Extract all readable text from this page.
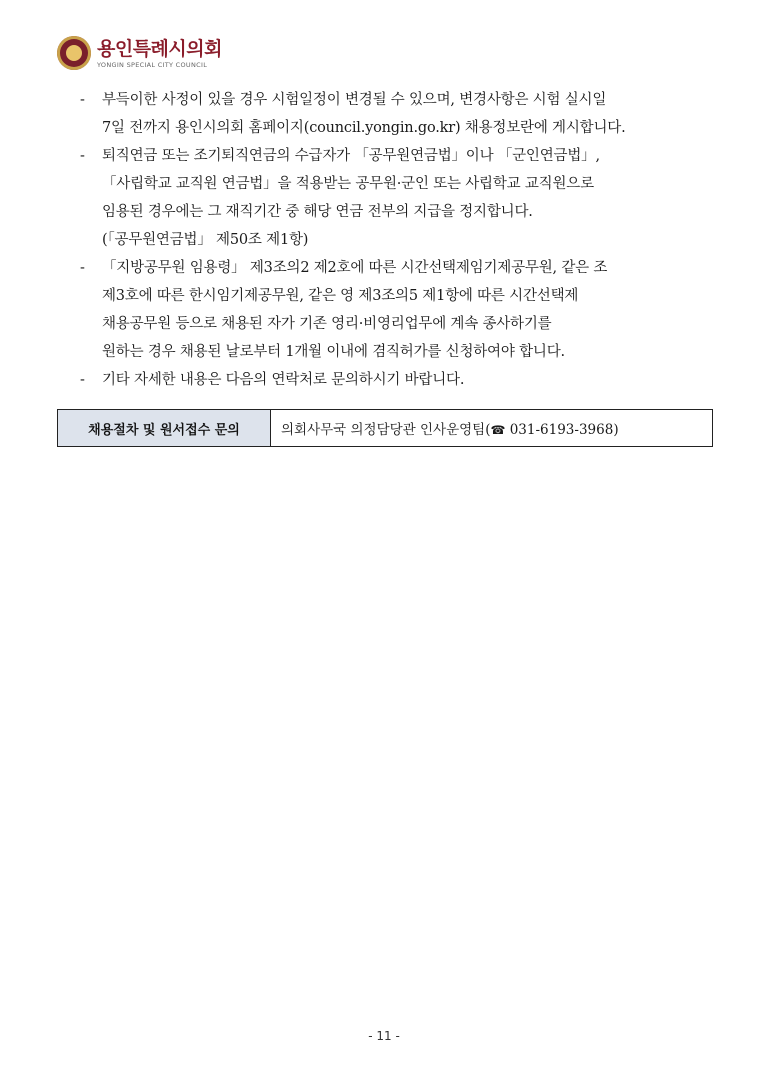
용인특례시의회
YONGIN SPECIAL CITY COUNCIL
-	부득이한 사정이 있을 경우 시험일정이 변경될 수 있으며, 변경사항은 시험 실시일
7일 전까지 용인시의회 홈페이지(council.yongin.go.kr) 채용정보란에 게시합니다.
-	퇴직연금 또는 조기퇴직연금의 수급자가 「공무원연금법」이나 「군인연금법」,
「사립학교 교직원 연금법」을 적용받는 공무원·군인 또는 사립학교 교직원으로
임용된 경우에는 그 재직기간 중 해당 연금 전부의 지급을 정지합니다.
(「공무원연금법」 제50조 제1항)
-	「지방공무원 임용령」 제3조의2 제2호에 따른 시간선택제임기제공무원, 같은 조
제3호에 따른 한시임기제공무원, 같은 영 제3조의5 제1항에 따른 시간선택제
채용공무원 등으로 채용된 자가 기존 영리·비영리업무에 계속 종사하기를
원하는 경우 채용된 날로부터 1개월 이내에 겸직허가를 신청하여야 합니다.
-	기타 자세한 내용은 다음의 연락처로 문의하시기 바랍니다.
채용절차 및 원서접수 문의	의회사무국 의정담당관 인사운영팀(☎ 031-6193-3968)
- 11 -
